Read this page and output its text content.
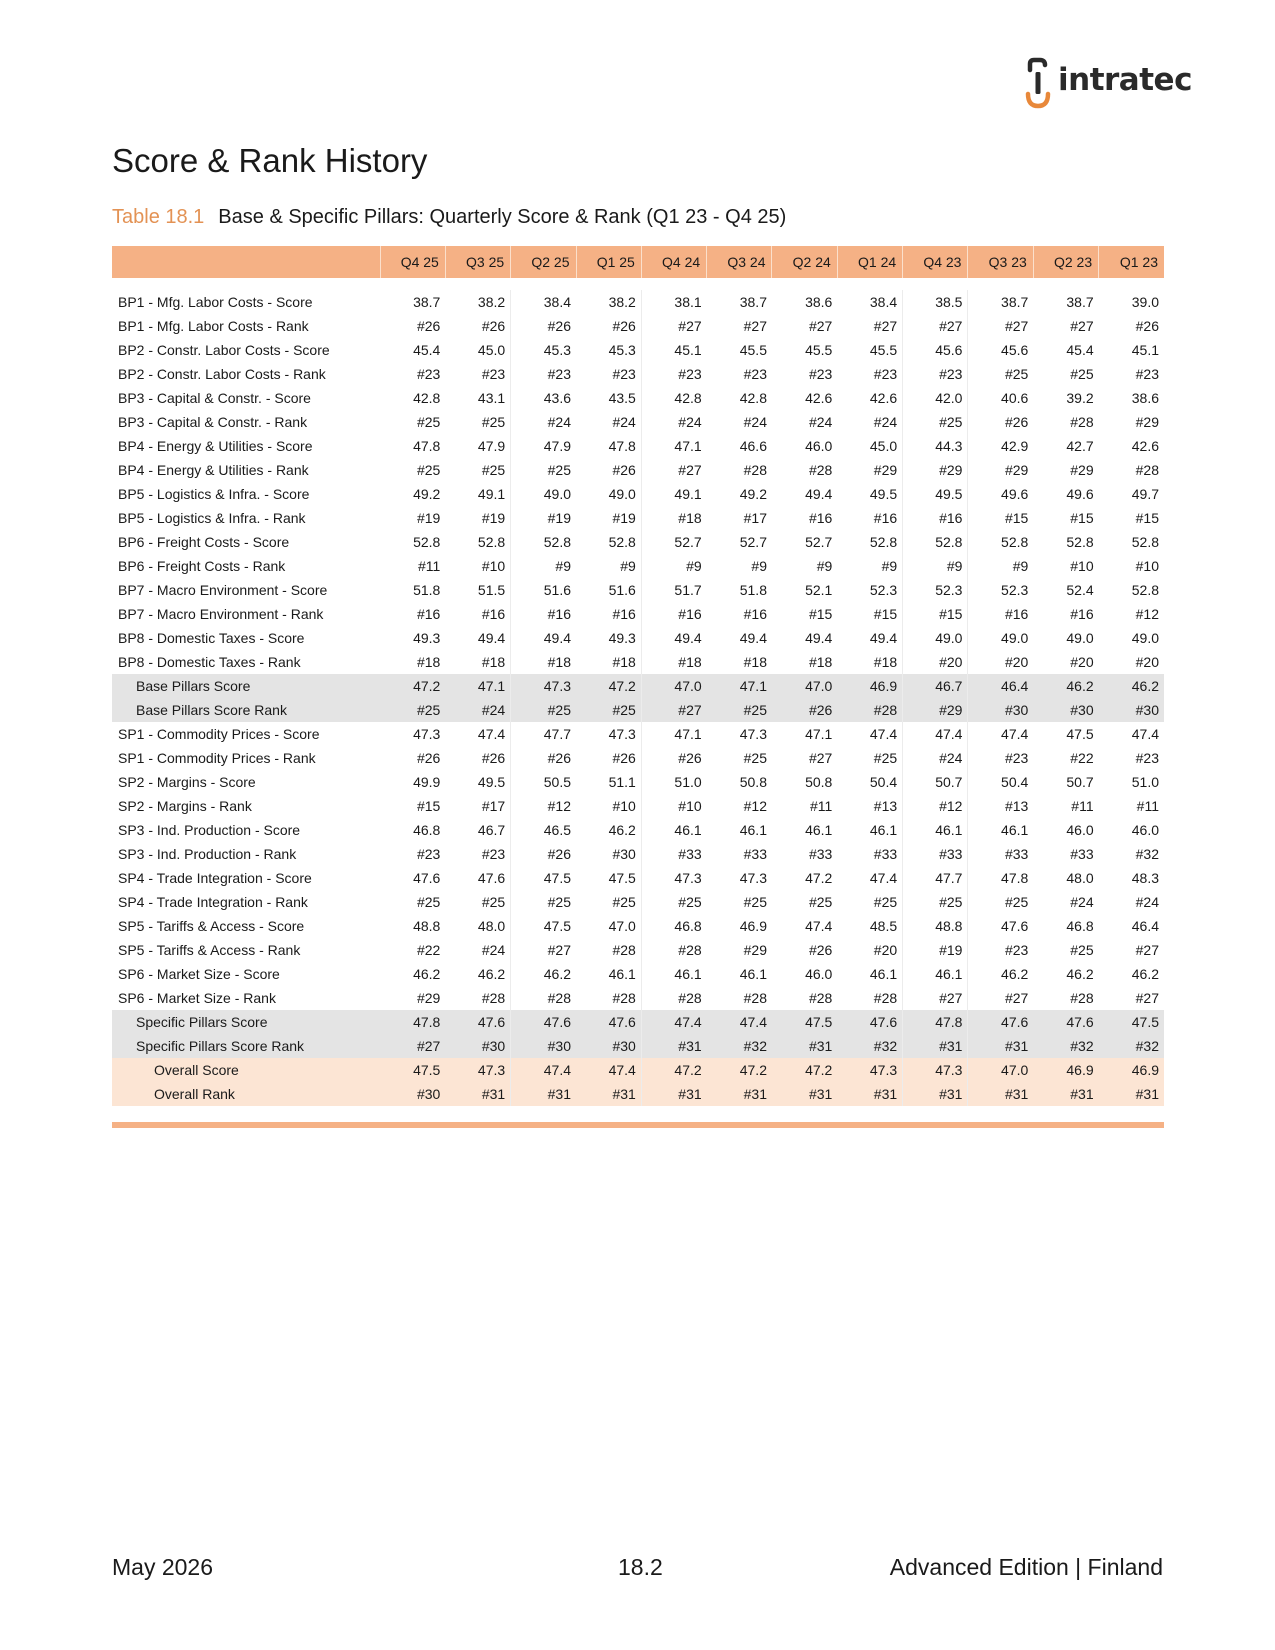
intratec
Score & Rank History
Table 18.1 Base & Specific Pillars: Quarterly Score & Rank (Q1 23 - Q4 25)
	Q4 25	Q3 25	Q2 25	Q1 25	Q4 24	Q3 24	Q2 24	Q1 24	Q4 23	Q3 23	Q2 23	Q1 23

BP1 - Mfg. Labor Costs - Score	38.7	38.2	38.4	38.2	38.1	38.7	38.6	38.4	38.5	38.7	38.7	39.0
BP1 - Mfg. Labor Costs - Rank	#26	#26	#26	#26	#27	#27	#27	#27	#27	#27	#27	#26
BP2 - Constr. Labor Costs - Score	45.4	45.0	45.3	45.3	45.1	45.5	45.5	45.5	45.6	45.6	45.4	45.1
BP2 - Constr. Labor Costs - Rank	#23	#23	#23	#23	#23	#23	#23	#23	#23	#25	#25	#23
BP3 - Capital & Constr. - Score	42.8	43.1	43.6	43.5	42.8	42.8	42.6	42.6	42.0	40.6	39.2	38.6
BP3 - Capital & Constr. - Rank	#25	#25	#24	#24	#24	#24	#24	#24	#25	#26	#28	#29
BP4 - Energy & Utilities - Score	47.8	47.9	47.9	47.8	47.1	46.6	46.0	45.0	44.3	42.9	42.7	42.6
BP4 - Energy & Utilities - Rank	#25	#25	#25	#26	#27	#28	#28	#29	#29	#29	#29	#28
BP5 - Logistics & Infra. - Score	49.2	49.1	49.0	49.0	49.1	49.2	49.4	49.5	49.5	49.6	49.6	49.7
BP5 - Logistics & Infra. - Rank	#19	#19	#19	#19	#18	#17	#16	#16	#16	#15	#15	#15
BP6 - Freight Costs - Score	52.8	52.8	52.8	52.8	52.7	52.7	52.7	52.8	52.8	52.8	52.8	52.8
BP6 - Freight Costs - Rank	#11	#10	#9	#9	#9	#9	#9	#9	#9	#9	#10	#10
BP7 - Macro Environment - Score	51.8	51.5	51.6	51.6	51.7	51.8	52.1	52.3	52.3	52.3	52.4	52.8
BP7 - Macro Environment - Rank	#16	#16	#16	#16	#16	#16	#15	#15	#15	#16	#16	#12
BP8 - Domestic Taxes - Score	49.3	49.4	49.4	49.3	49.4	49.4	49.4	49.4	49.0	49.0	49.0	49.0
BP8 - Domestic Taxes - Rank	#18	#18	#18	#18	#18	#18	#18	#18	#20	#20	#20	#20
Base Pillars Score	47.2	47.1	47.3	47.2	47.0	47.1	47.0	46.9	46.7	46.4	46.2	46.2
Base Pillars Score Rank	#25	#24	#25	#25	#27	#25	#26	#28	#29	#30	#30	#30
SP1 - Commodity Prices - Score	47.3	47.4	47.7	47.3	47.1	47.3	47.1	47.4	47.4	47.4	47.5	47.4
SP1 - Commodity Prices - Rank	#26	#26	#26	#26	#26	#25	#27	#25	#24	#23	#22	#23
SP2 - Margins - Score	49.9	49.5	50.5	51.1	51.0	50.8	50.8	50.4	50.7	50.4	50.7	51.0
SP2 - Margins - Rank	#15	#17	#12	#10	#10	#12	#11	#13	#12	#13	#11	#11
SP3 - Ind. Production - Score	46.8	46.7	46.5	46.2	46.1	46.1	46.1	46.1	46.1	46.1	46.0	46.0
SP3 - Ind. Production - Rank	#23	#23	#26	#30	#33	#33	#33	#33	#33	#33	#33	#32
SP4 - Trade Integration - Score	47.6	47.6	47.5	47.5	47.3	47.3	47.2	47.4	47.7	47.8	48.0	48.3
SP4 - Trade Integration - Rank	#25	#25	#25	#25	#25	#25	#25	#25	#25	#25	#24	#24
SP5 - Tariffs & Access - Score	48.8	48.0	47.5	47.0	46.8	46.9	47.4	48.5	48.8	47.6	46.8	46.4
SP5 - Tariffs & Access - Rank	#22	#24	#27	#28	#28	#29	#26	#20	#19	#23	#25	#27
SP6 - Market Size - Score	46.2	46.2	46.2	46.1	46.1	46.1	46.0	46.1	46.1	46.2	46.2	46.2
SP6 - Market Size - Rank	#29	#28	#28	#28	#28	#28	#28	#28	#27	#27	#28	#27
Specific Pillars Score	47.8	47.6	47.6	47.6	47.4	47.4	47.5	47.6	47.8	47.6	47.6	47.5
Specific Pillars Score Rank	#27	#30	#30	#30	#31	#32	#31	#32	#31	#31	#32	#32
Overall Score	47.5	47.3	47.4	47.4	47.2	47.2	47.2	47.3	47.3	47.0	46.9	46.9
Overall Rank	#30	#31	#31	#31	#31	#31	#31	#31	#31	#31	#31	#31
May 2026	18.2	Advanced Edition | Finland
